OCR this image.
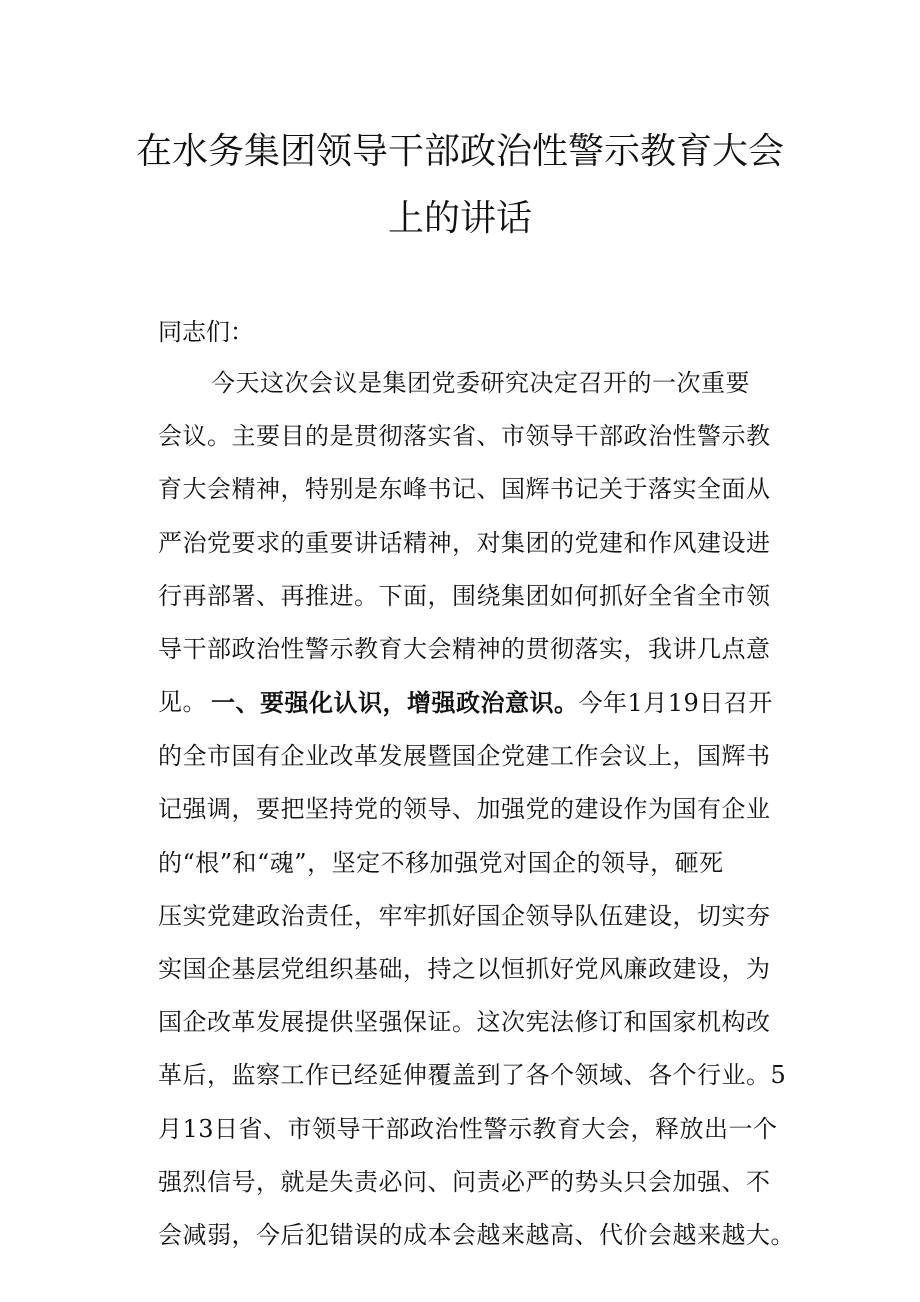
在水务集团领导干部政治性警示教育大会
上的讲话
同志们：
今天这次会议是集团党委研究决定召开的一次重要
会议。主要目的是贯彻落实省、市领导干部政治性警示教
育大会精神，特别是东峰书记、国辉书记关于落实全面从
严治党要求的重要讲话精神，对集团的党建和作风建设进
行再部署、再推进。下面，围绕集团如何抓好全省全市领
导干部政治性警示教育大会精神的贯彻落实，我讲几点意
见。 一、要强化认识，增强政治意识。今年1月19日召开
的全市国有企业改革发展暨国企党建工作会议上，国辉书
记强调，要把坚持党的领导、加强党的建设作为国有企业
的“根”和“魂”，坚定不移加强党对国企的领导，砸死
压实党建政治责任，牢牢抓好国企领导队伍建设，切实夯
实国企基层党组织基础，持之以恒抓好党风廉政建设，为
国企改革发展提供坚强保证。这次宪法修订和国家机构改
革后，监察工作已经延伸覆盖到了各个领域、各个行业。5
月13日省、市领导干部政治性警示教育大会，释放出一个
强烈信号，就是失责必问、问责必严的势头只会加强、不
会减弱，今后犯错误的成本会越来越高、代价会越来越大。
